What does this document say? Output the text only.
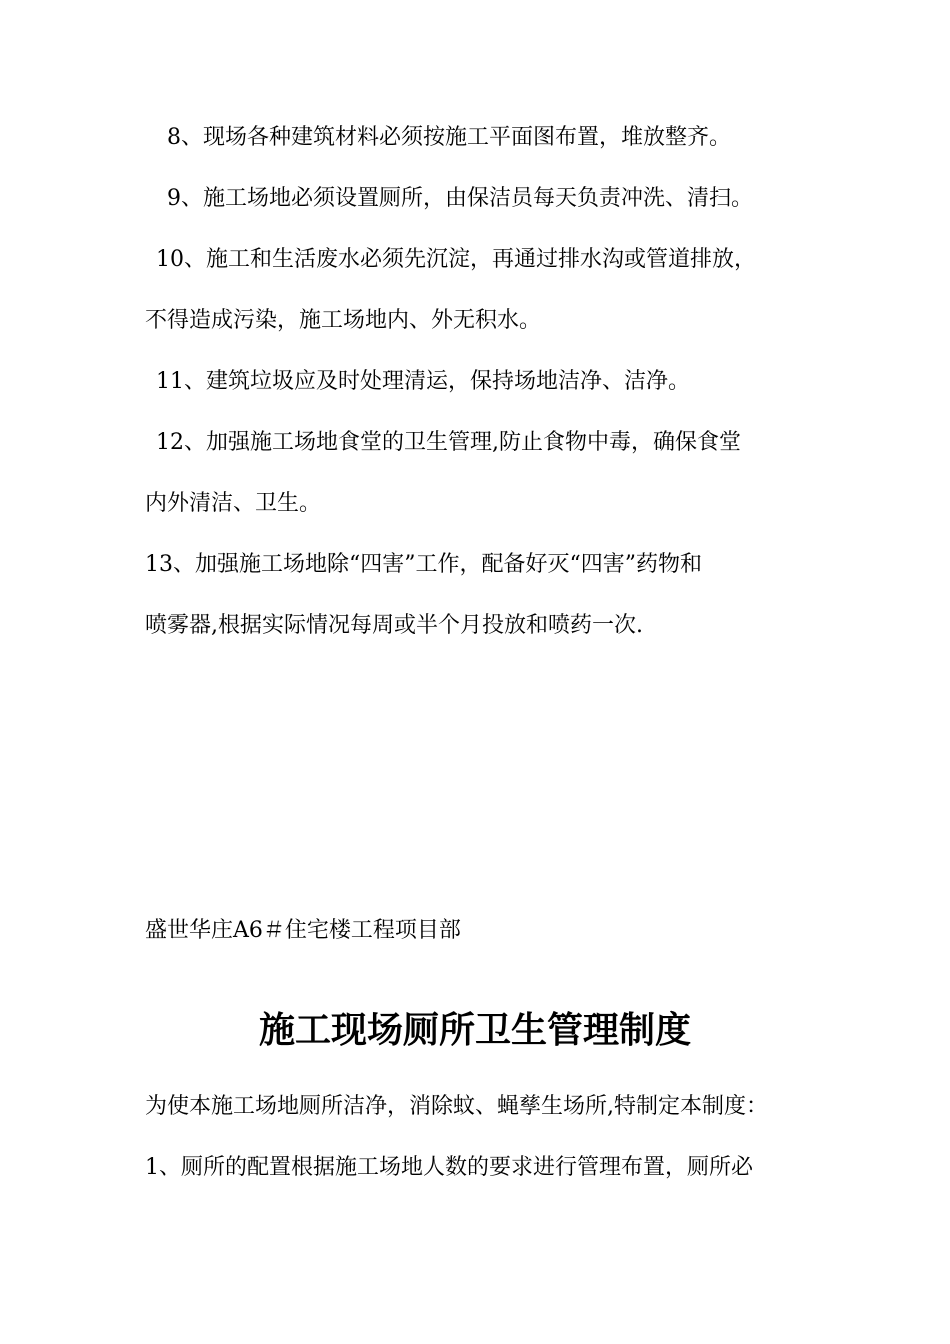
8、现场各种建筑材料必须按施工平面图布置，堆放整齐。

9、施工场地必须设置厕所，由保洁员每天负责冲洗、清扫。

10、施工和生活废水必须先沉淀，再通过排水沟或管道排放，

不得造成污染，施工场地内、外无积水。

11、建筑垃圾应及时处理清运，保持场地洁净、洁净。

12、加强施工场地食堂的卫生管理,防止食物中毒，确保食堂

内外清洁、卫生。

13、加强施工场地除“四害”工作，配备好灭“四害”药物和

喷雾器,根据实际情况每周或半个月投放和喷药一次.

盛世华庄A6＃住宅楼工程项目部

施工现场厕所卫生管理制度

为使本施工场地厕所洁净，消除蚊、蝇孳生场所,特制定本制度：

1、厕所的配置根据施工场地人数的要求进行管理布置，厕所必
